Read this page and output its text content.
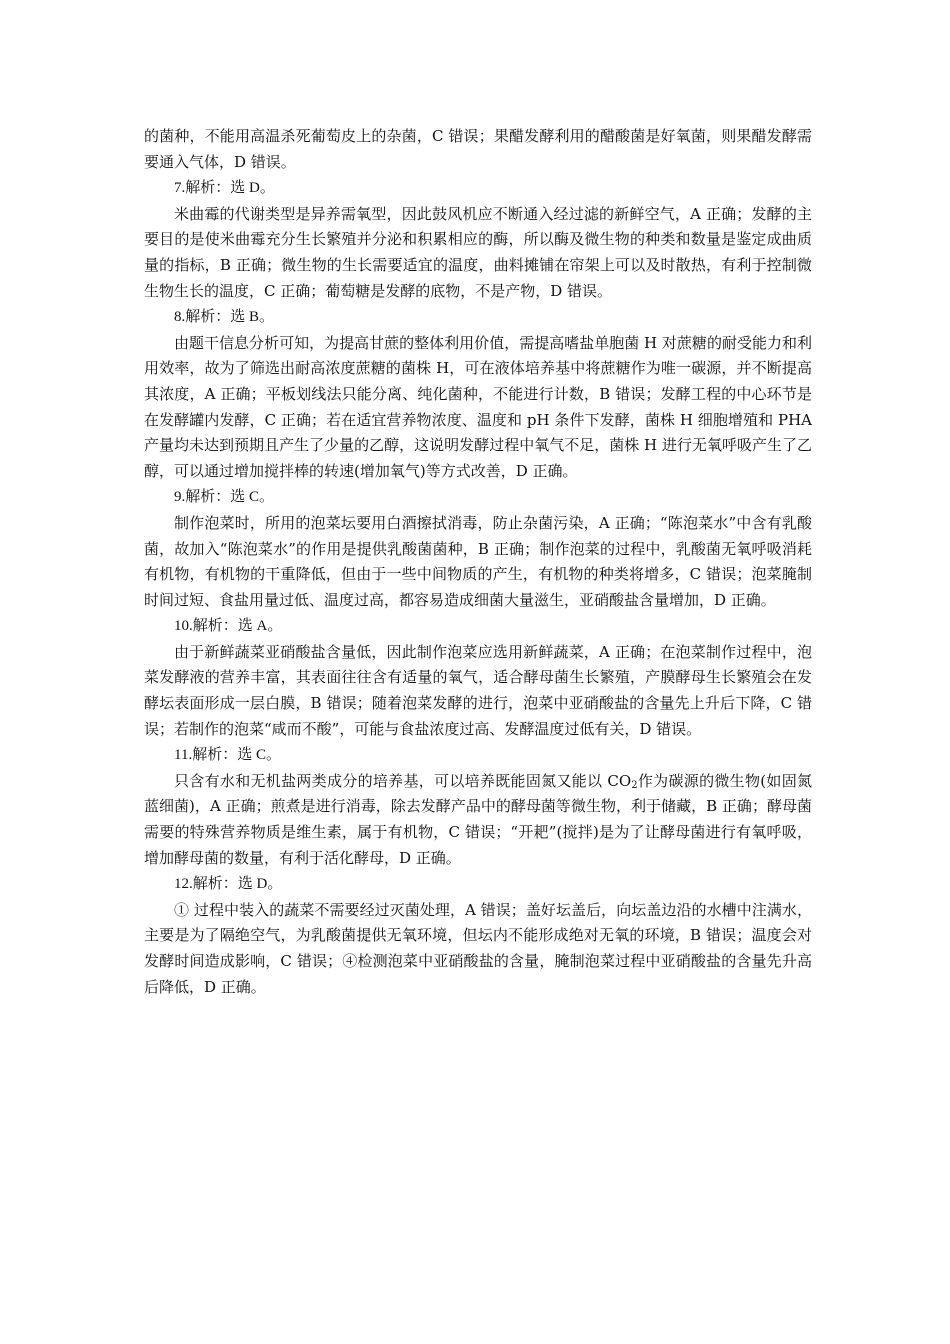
的菌种，不能用高温杀死葡萄皮上的杂菌，C 错误；果醋发酵利用的醋酸菌是好氧菌，则果醋发酵需要通入气体，D 错误。

7.解析：选 D。

米曲霉的代谢类型是异养需氧型，因此鼓风机应不断通入经过滤的新鲜空气，A 正确；发酵的主要目的是使米曲霉充分生长繁殖并分泌和积累相应的酶，所以酶及微生物的种类和数量是鉴定成曲质量的指标，B 正确；微生物的生长需要适宜的温度，曲料摊铺在帘架上可以及时散热，有利于控制微生物生长的温度，C 正确；葡萄糖是发酵的底物，不是产物，D 错误。

8.解析：选 B。

由题干信息分析可知，为提高甘蔗的整体利用价值，需提高嗜盐单胞菌 H 对蔗糖的耐受能力和利用效率，故为了筛选出耐高浓度蔗糖的菌株 H，可在液体培养基中将蔗糖作为唯一碳源，并不断提高其浓度，A 正确；平板划线法只能分离、纯化菌种，不能进行计数，B 错误；发酵工程的中心环节是在发酵罐内发酵，C 正确；若在适宜营养物浓度、温度和 pH 条件下发酵，菌株 H 细胞增殖和 PHA 产量均未达到预期且产生了少量的乙醇，这说明发酵过程中氧气不足，菌株 H 进行无氧呼吸产生了乙醇，可以通过增加搅拌棒的转速(增加氧气)等方式改善，D 正确。

9.解析：选 C。

制作泡菜时，所用的泡菜坛要用白酒擦拭消毒，防止杂菌污染，A 正确；“陈泡菜水”中含有乳酸菌，故加入“陈泡菜水”的作用是提供乳酸菌菌种，B 正确；制作泡菜的过程中，乳酸菌无氧呼吸消耗有机物，有机物的干重降低，但由于一些中间物质的产生，有机物的种类将增多，C 错误；泡菜腌制时间过短、食盐用量过低、温度过高，都容易造成细菌大量滋生，亚硝酸盐含量增加，D 正确。

10.解析：选 A。

由于新鲜蔬菜亚硝酸盐含量低，因此制作泡菜应选用新鲜蔬菜，A 正确；在泡菜制作过程中，泡菜发酵液的营养丰富，其表面往往含有适量的氧气，适合酵母菌生长繁殖，产膜酵母生长繁殖会在发酵坛表面形成一层白膜，B 错误；随着泡菜发酵的进行，泡菜中亚硝酸盐的含量先上升后下降，C 错误；若制作的泡菜“咸而不酸”，可能与食盐浓度过高、发酵温度过低有关，D 错误。

11.解析：选 C。

只含有水和无机盐两类成分的培养基，可以培养既能固氮又能以 $CO_2$作为碳源的微生物(如固氮蓝细菌)，A 正确；煎煮是进行消毒，除去发酵产品中的酵母菌等微生物，利于储藏，B 正确；酵母菌需要的特殊营养物质是维生素，属于有机物，C 错误；“开耙”(搅拌)是为了让酵母菌进行有氧呼吸，增加酵母菌的数量，有利于活化酵母，D 正确。

12.解析：选 D。

① 过程中装入的蔬菜不需要经过灭菌处理，A 错误；盖好坛盖后，向坛盖边沿的水槽中注满水，主要是为了隔绝空气，为乳酸菌提供无氧环境，但坛内不能形成绝对无氧的环境，B 错误；温度会对发酵时间造成影响，C 错误；④检测泡菜中亚硝酸盐的含量，腌制泡菜过程中亚硝酸盐的含量先升高后降低，D 正确。
